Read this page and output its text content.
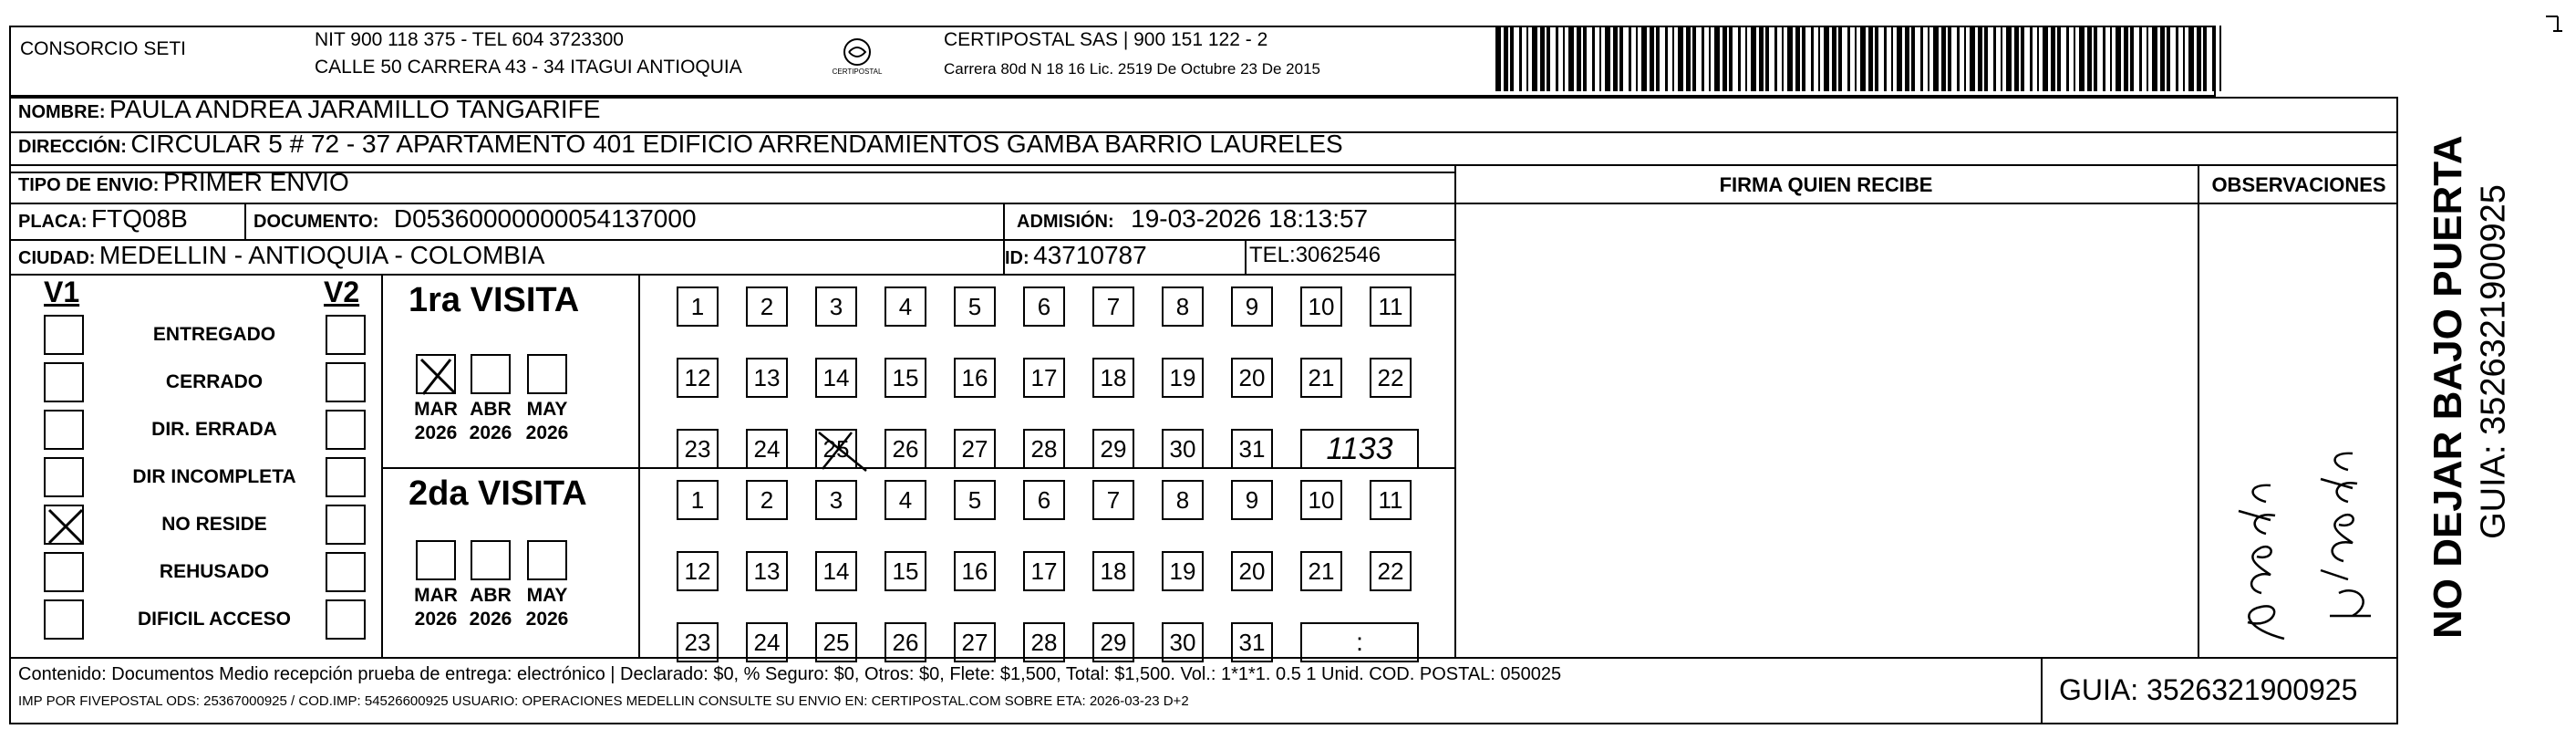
CONSORCIO SETI	NIT 900 118 375 - TEL 604 3723300
CALLE 50 CARRERA 43 - 34 ITAGUI ANTIOQUIA	CERTIPOSTAL
CERTIPOSTAL SAS | 900 151 122 - 2
Carrera 80d N 18 16 Lic. 2519 De Octubre 23 De 2015
NOMBRE: PAULA ANDREA JARAMILLO TANGARIFE
DIRECCIÓN: CIRCULAR 5 # 72 - 37 APARTAMENTO 401 EDIFICIO ARRENDAMIENTOS GAMBA BARRIO LAURELES
TIPO DE ENVIO: PRIMER ENVIO	FIRMA QUIEN RECIBE	OBSERVACIONES
PLACA: FTQ08B	DOCUMENTO: D05360000000054137000	ADMISIÓN: 19-03-2026 18:13:57
CIUDAD: MEDELLIN - ANTIOQUIA - COLOMBIA	ID: 43710787	TEL:3062546
V1	V2
ENTREGADO
CERRADO
DIR. ERRADA
DIR INCOMPLETA
NO RESIDE
REHUSADO
DIFICIL ACCESO
1ra VISITA
2da VISITA
1	2	3	4	5	6	7	8	9	10	11
12	13	14	15	16	17	18	19	20	21	22
23	24	25	26	27	28	29	30	31	1133
1	2	3	4	5	6	7	8	9	10	11
12	13	14	15	16	17	18	19	20	21	22
23	24	25	26	27	28	29	30	31	:
MAR
2026
ABR
2026
MAY
2026
MAR
2026
ABR
2026
MAY
2026
Contenido: Documentos Medio recepción prueba de entrega: electrónico | Declarado: $0, % Seguro: $0, Otros: $0, Flete: $1,500, Total: $1,500. Vol.: 1*1*1. 0.5 1 Unid. COD. POSTAL: 050025
IMP POR FIVEPOSTAL ODS: 25367000925 / COD.IMP: 54526600925 USUARIO: OPERACIONES MEDELLIN CONSULTE SU ENVIO EN: CERTIPOSTAL.COM SOBRE ETA: 2026-03-23 D+2	GUIA: 3526321900925
NO DEJAR BAJO PUERTA GUIA: 3526321900925
